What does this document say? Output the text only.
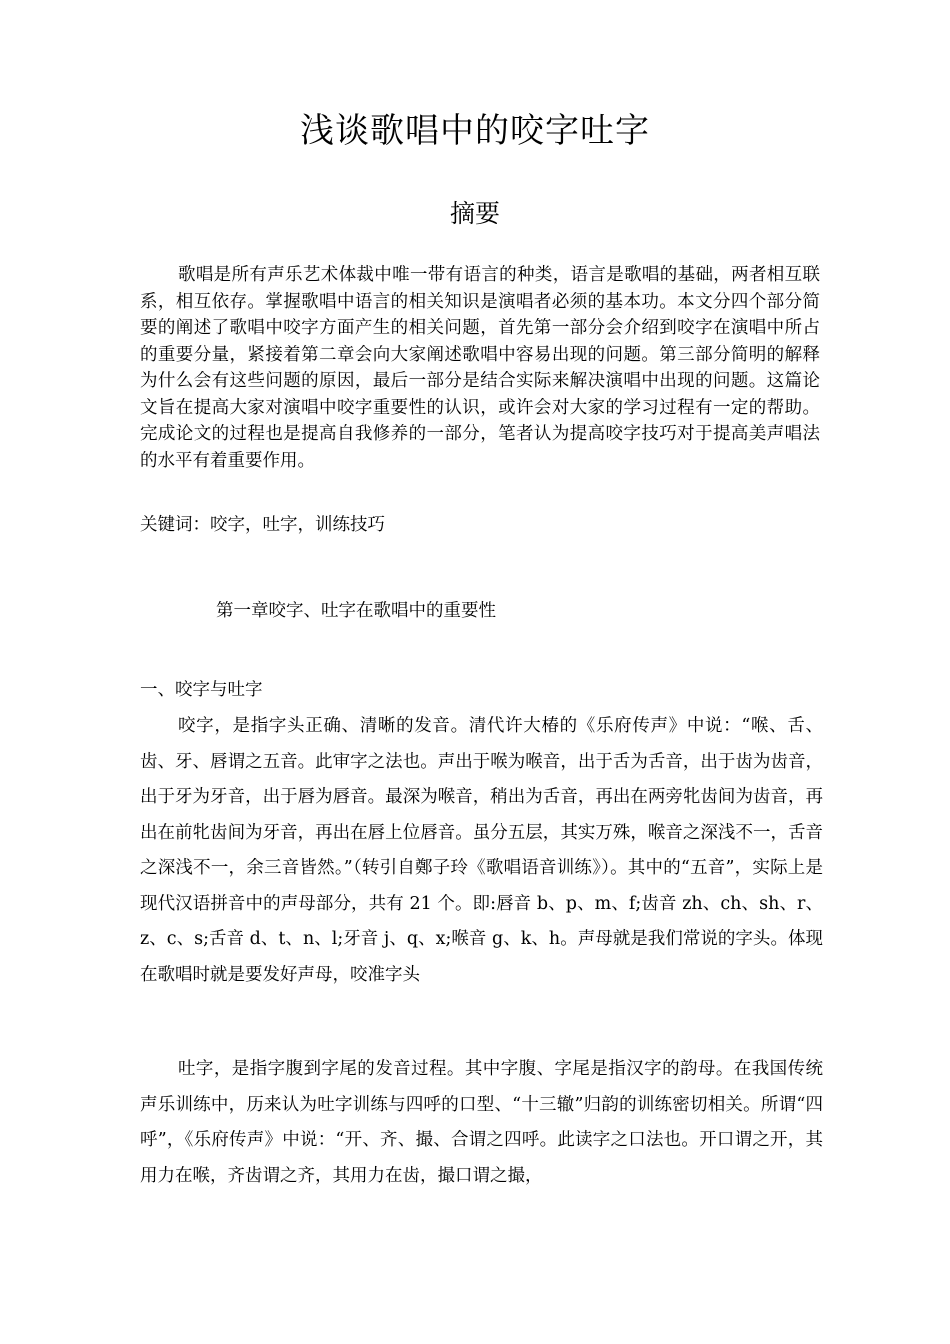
浅谈歌唱中的咬字吐字
摘要

歌唱是所有声乐艺术体裁中唯一带有语言的种类，语言是歌唱的基础，两者相互联系，相互依存。掌握歌唱中语言的相关知识是演唱者必须的基本功。本文分四个部分简要的阐述了歌唱中咬字方面产生的相关问题，首先第一部分会介绍到咬字在演唱中所占的重要分量，紧接着第二章会向大家阐述歌唱中容易出现的问题。第三部分简明的解释为什么会有这些问题的原因，最后一部分是结合实际来解决演唱中出现的问题。这篇论文旨在提高大家对演唱中咬字重要性的认识，或许会对大家的学习过程有一定的帮助。完成论文的过程也是提高自我修养的一部分，笔者认为提高咬字技巧对于提高美声唱法的水平有着重要作用。

关键词：咬字，吐字，训练技巧

第一章咬字、吐字在歌唱中的重要性

一、咬字与吐字

咬字，是指字头正确、清晰的发音。清代许大椿的《乐府传声》中说：“喉、舌、齿、牙、唇谓之五音。此审字之法也。声出于喉为喉音，出于舌为舌音，出于齿为齿音，出于牙为牙音，出于唇为唇音。最深为喉音，稍出为舌音，再出在两旁牝齿间为齿音，再出在前牝齿间为牙音，再出在唇上位唇音。虽分五层，其实万殊，喉音之深浅不一，舌音之深浅不一，余三音皆然。”（转引自鄭子玲《歌唱语音训练》）。其中的“五音”，实际上是现代汉语拼音中的声母部分，共有 21 个。即:唇音 b、p、m、f;齿音 zh、ch、sh、r、z、c、s;舌音 d、t、n、l;牙音 j、q、x;喉音 g、k、h。声母就是我们常说的字头。体现在歌唱时就是要发好声母，咬准字头

吐字，是指字腹到字尾的发音过程。其中字腹、字尾是指汉字的韵母。在我国传统声乐训练中，历来认为吐字训练与四呼的口型、“十三辙”归韵的训练密切相关。所谓“四呼”，《乐府传声》中说：“开、齐、撮、合谓之四呼。此读字之口法也。开口谓之开，其用力在喉，齐齿谓之齐，其用力在齿，撮口谓之撮，
